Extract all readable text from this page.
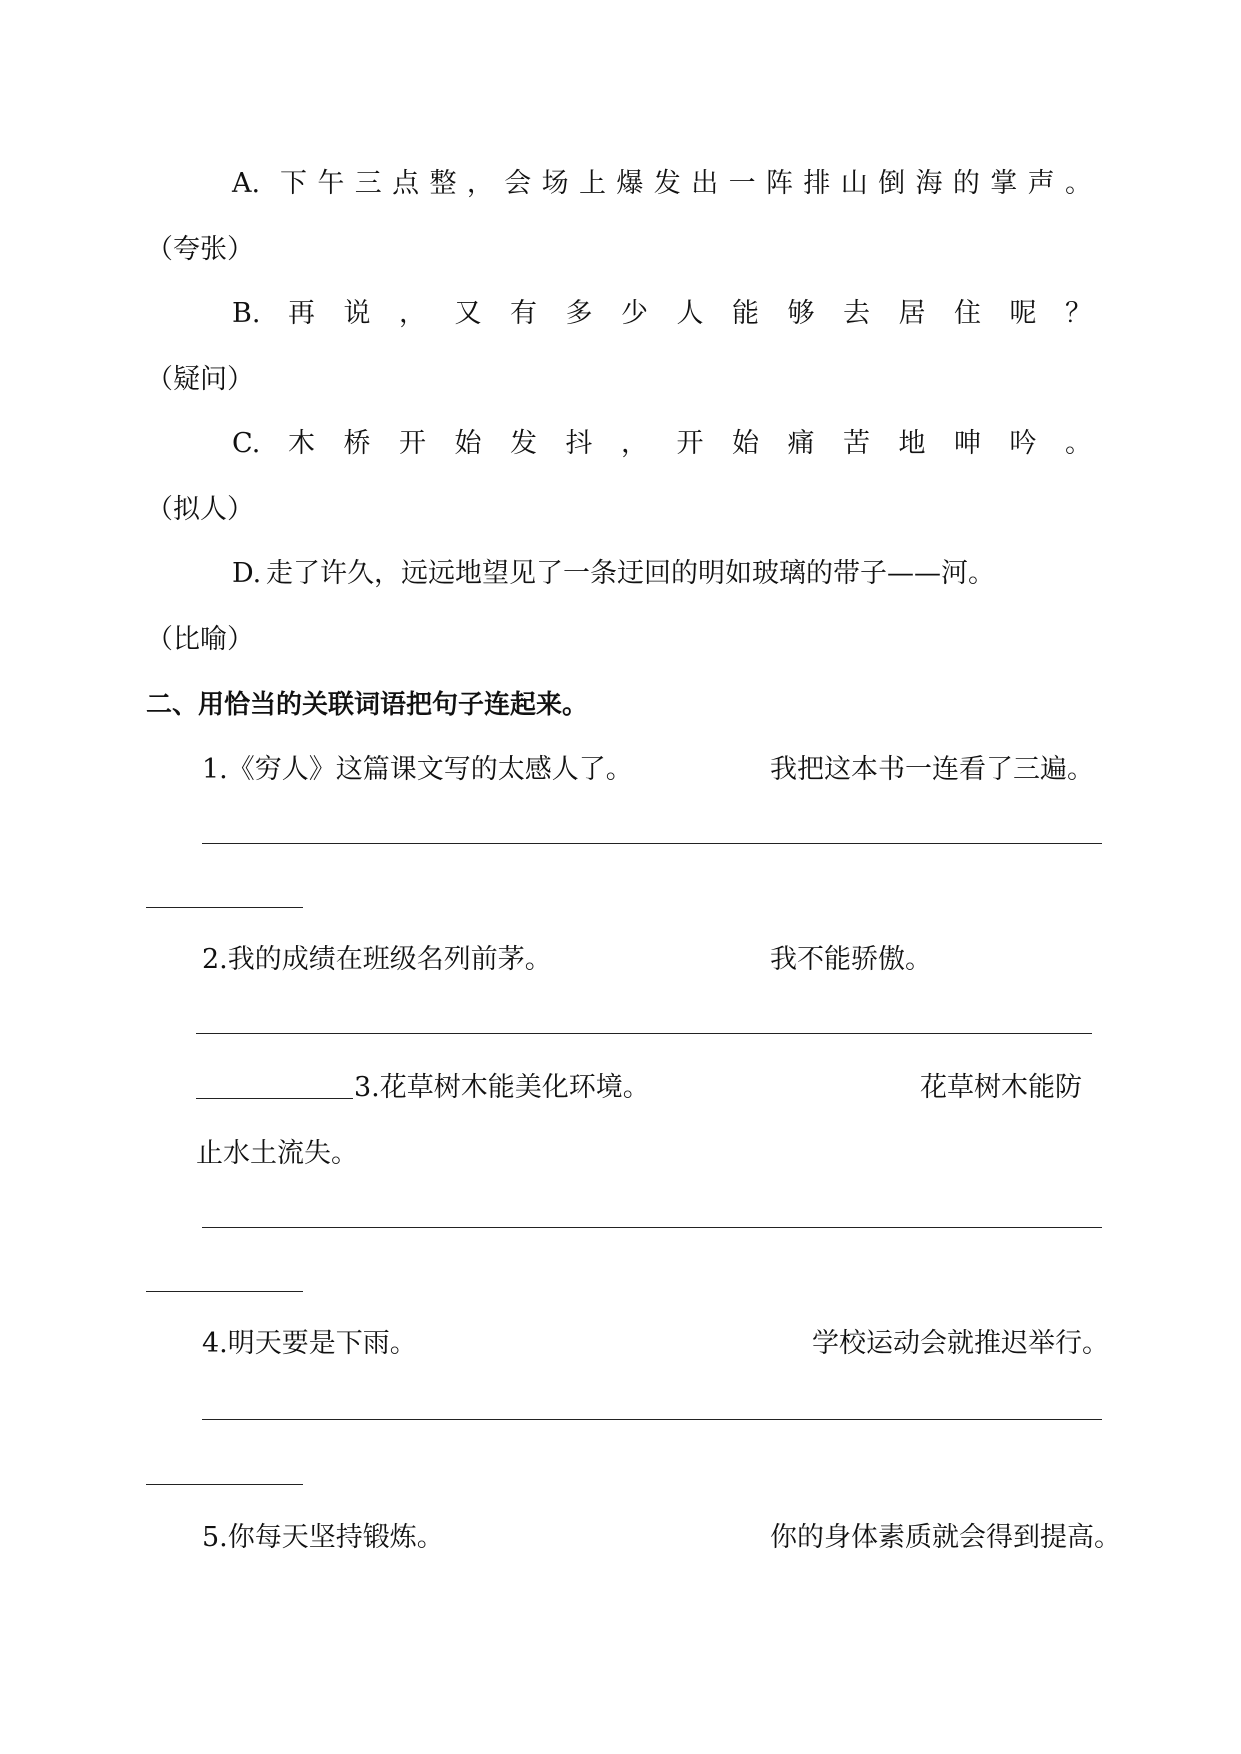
A. 下午三点整，会场上爆发出一阵排山倒海的掌声。
（夸张）
B. 再说，又有多少人能够去居住呢？
（疑问）
C. 木桥开始发抖，开始痛苦地呻吟。
（拟人）
D. 走了许久，远远地望见了一条迂回的明如玻璃的带子——河。
（比喻）
二、用恰当的关联词语把句子连起来。
1.《穷人》这篇课文写的太感人了。	我把这本书一连看了三遍。
2.我的成绩在班级名列前茅。	我不能骄傲。
3.花草树木能美化环境。	花草树木能防
止水土流失。
4.明天要是下雨。	学校运动会就推迟举行。
5.你每天坚持锻炼。	你的身体素质就会得到提高。
